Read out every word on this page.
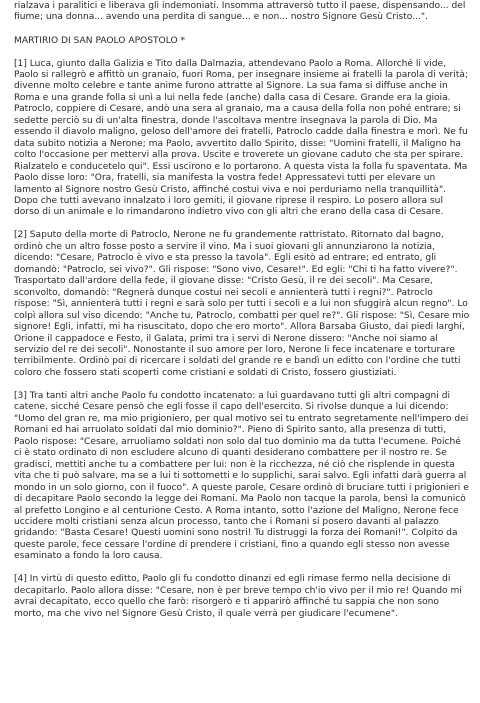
rialzava i paralitici e liberava gli indemoniati. Insomma attraversò tutto il paese, dispensando... del fiume; una donna... avendo una perdita di sangue... e non... nostro Signore Gesù Cristo...".

MARTIRIO DI SAN PAOLO APOSTOLO *

[1] Luca, giunto dalla Galizia e Tito dalla Dalmazia, attendevano Paolo a Roma. Allorché li vide, Paolo si rallegrò e affittò un granaio, fuori Roma, per insegnare insieme ai fratelli la parola di verità; divenne molto celebre e tante anime furono attratte al Signore. La sua fama si diffuse anche in Roma e una grande folla si unì a lui nella fede (anche) dalla casa di Cesare. Grande era la gioia. Patroclo, coppiere di Cesare, andò una sera al granaio, ma a causa della folla non pohé entrare; si sedette perciò su di un'alta finestra, donde l'ascoltava mentre insegnava la parola di Dio. Ma essendo il diavolo maligno, geloso dell'amore dei fratelli, Patroclo cadde dalla finestra e morì. Ne fu data subito notizia a Nerone; ma Paolo, avvertito dallo Spirito, disse: "Uomini fratelli, il Maligno ha colto l'occasione per mettervi alla prova. Uscite e troverete un giovane caduto che sta per spirare. Rialzatelo e conducetelo qui". Essi uscirono e lo portarono. A questa vista la folla fu spaventata. Ma Paolo disse loro: "Ora, fratelli, sia manifesta la vostra fede! Appressatevi tutti per elevare un lamento al Signore nostro Gesù Cristo, affinché costui viva e noi perduriamo nella tranquillità". Dopo che tutti avevano innalzato i loro gemiti, il giovane riprese il respiro. Lo posero allora sul dorso di un animale e lo rimandarono indietro vivo con gli altri che erano della casa di Cesare.

[2] Saputo della morte di Patroclo, Nerone ne fu grandemente rattristato. Ritornato dal bagno, ordinò che un altro fosse posto a servire il vino. Ma i suoi giovani gli annunziarono la notizia, dicendo: "Cesare, Patroclo è vivo e sta presso la tavola". Egli esitò ad entrare; ed entrato, gli domandò: "Patroclo, sei vivo?". Gli rispose: "Sono vivo, Cesare!". Ed egli: "Chi ti ha fatto vivere?". Trasportato dall'ardore della fede, il giovane disse: "Cristo Gesù, il re dei secoli". Ma Cesare, sconvolto, domandò: "Regnerà dunque costui nei secoli e annienterà tutti i regni?". Patroclo rispose: "Sì, annienterà tutti i regni e sarà solo per tutti i secoli e a lui non sfuggirà alcun regno". Lo colpì allora sul viso dicendo: "Anche tu, Patroclo, combatti per quel re?". Gli rispose: "Sì, Cesare mio signore! Egli, infatti, mi ha risuscitato, dopo che ero morto". Allora Barsaba Giusto, dai piedi larghi, Orione il cappadoce e Festo, il Galata, primi tra i servi di Nerone dissero: "Anche noi siamo al servizio del re dei secoli". Nonostante il suo amore per loro, Nerone li fece incatenare e torturare terribilmente. Ordinò poi di ricercare i soldati del grande re e bandì un editto con l'ordine che tutti coloro che fossero stati scoperti come cristiani e soldati di Cristo, fossero giustiziati.

[3] Tra tanti altri anche Paolo fu condotto incatenato: a lui guardavano tutti gli altri compagni di catene, sicché Cesare pensò che egli fosse il capo dell'esercito. Si rivolse dunque a lui dicendo: "Uomo del gran re, ma mio prigioniero, per qual motivo sei tu entrato segretamente nell'impero dei Romani ed hai arruolato soldati dal mio dominio?". Pieno di Spirito santo, alla presenza di tutti, Paolo rispose: "Cesare, arruoliamo soldati non solo dal tuo dominio ma da tutta l'ecumene. Poiché ci è stato ordinato di non escludere alcuno di quanti desiderano combattere per il nostro re. Se gradisci, mettiti anche tu a combattere per lui: non è la ricchezza, né ciò che risplende in questa vita che ti può salvare, ma se a lui ti sottometti e lo supplichi, sarai salvo. Egli infatti darà guerra al mondo in un solo giorno, con il fuoco". A queste parole, Cesare ordinò di bruciare tutti i prigionieri e di decapitare Paolo secondo la legge dei Romani. Ma Paolo non tacque la parola, bensì la comunicò al prefetto Longino e al centurione Cesto. A Roma intanto, sotto l'azione del Maligno, Nerone fece uccidere molti cristiani senza alcun processo, tanto che i Romani si posero davanti al palazzo gridando: "Basta Cesare! Questi uomini sono nostri! Tu distruggi la forza dei Romani!". Colpito da queste parole, fece cessare l'ordine di prendere i cristiani, fino a quando egli stesso non avesse esaminato a fondo la loro causa.

[4] In virtù di questo editto, Paolo gli fu condotto dinanzi ed egli rimase fermo nella decisione di decapitarlo. Paolo allora disse: "Cesare, non è per breve tempo ch'io vivo per il mio re! Quando mi avrai decapitato, ecco quello che farò: risorgerò e ti apparirò affinché tu sappia che non sono morto, ma che vivo nel Signore Gesù Cristo, il quale verrà per giudicare l'ecumene".
